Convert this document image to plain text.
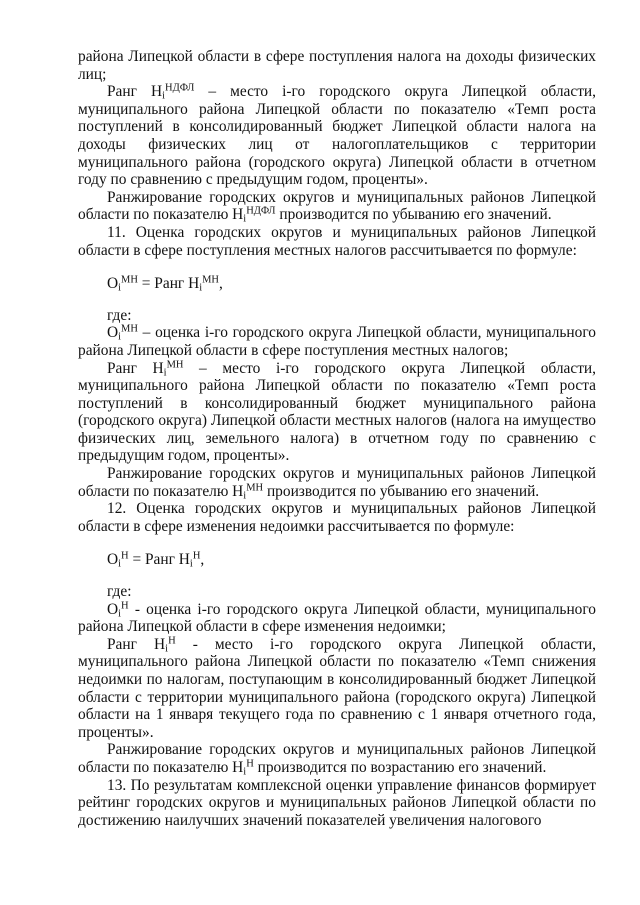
района Липецкой области в сфере поступления налога на доходы физических лиц;

Ранг $Н_i^{НДФЛ}$ – место i-го городского округа Липецкой области, муниципального района Липецкой области по показателю «Темп роста поступлений в консолидированный бюджет Липецкой области налога на доходы физических лиц от налогоплательщиков с территории муниципального района (городского округа) Липецкой области в отчетном году по сравнению с предыдущим годом, проценты».

Ранжирование городских округов и муниципальных районов Липецкой области по показателю $Н_i^{НДФЛ}$ производится по убыванию его значений.

11. Оценка городских округов и муниципальных районов Липецкой области в сфере поступления местных налогов рассчитывается по формуле:

$О_i^{МН}$ = Ранг $Н_i^{МН}$,

где:

$О_i^{МН}$ – оценка i-го городского округа Липецкой области, муниципального района Липецкой области в сфере поступления местных налогов;

Ранг $Н_i^{МН}$ – место i-го городского округа Липецкой области, муниципального района Липецкой области по показателю «Темп роста поступлений в консолидированный бюджет муниципального района (городского округа) Липецкой области местных налогов (налога на имущество физических лиц, земельного налога) в отчетном году по сравнению с предыдущим годом, проценты».

Ранжирование городских округов и муниципальных районов Липецкой области по показателю $Н_i^{МН}$ производится по убыванию его значений.

12. Оценка городских округов и муниципальных районов Липецкой области в сфере изменения недоимки рассчитывается по формуле:

$О_i^Н$ = Ранг $Н_i^Н$,

где:

$О_i^Н$ - оценка i-го городского округа Липецкой области, муниципального района Липецкой области в сфере изменения недоимки;

Ранг $Н_i^Н$ - место i-го городского округа Липецкой области, муниципального района Липецкой области по показателю «Темп снижения недоимки по налогам, поступающим в консолидированный бюджет Липецкой области с территории муниципального района (городского округа) Липецкой области на 1 января текущего года по сравнению с 1 января отчетного года, проценты».

Ранжирование городских округов и муниципальных районов Липецкой области по показателю $Н_i^Н$ производится по возрастанию его значений.

13. По результатам комплексной оценки управление финансов формирует рейтинг городских округов и муниципальных районов Липецкой области по достижению наилучших значений показателей увеличения налогового
